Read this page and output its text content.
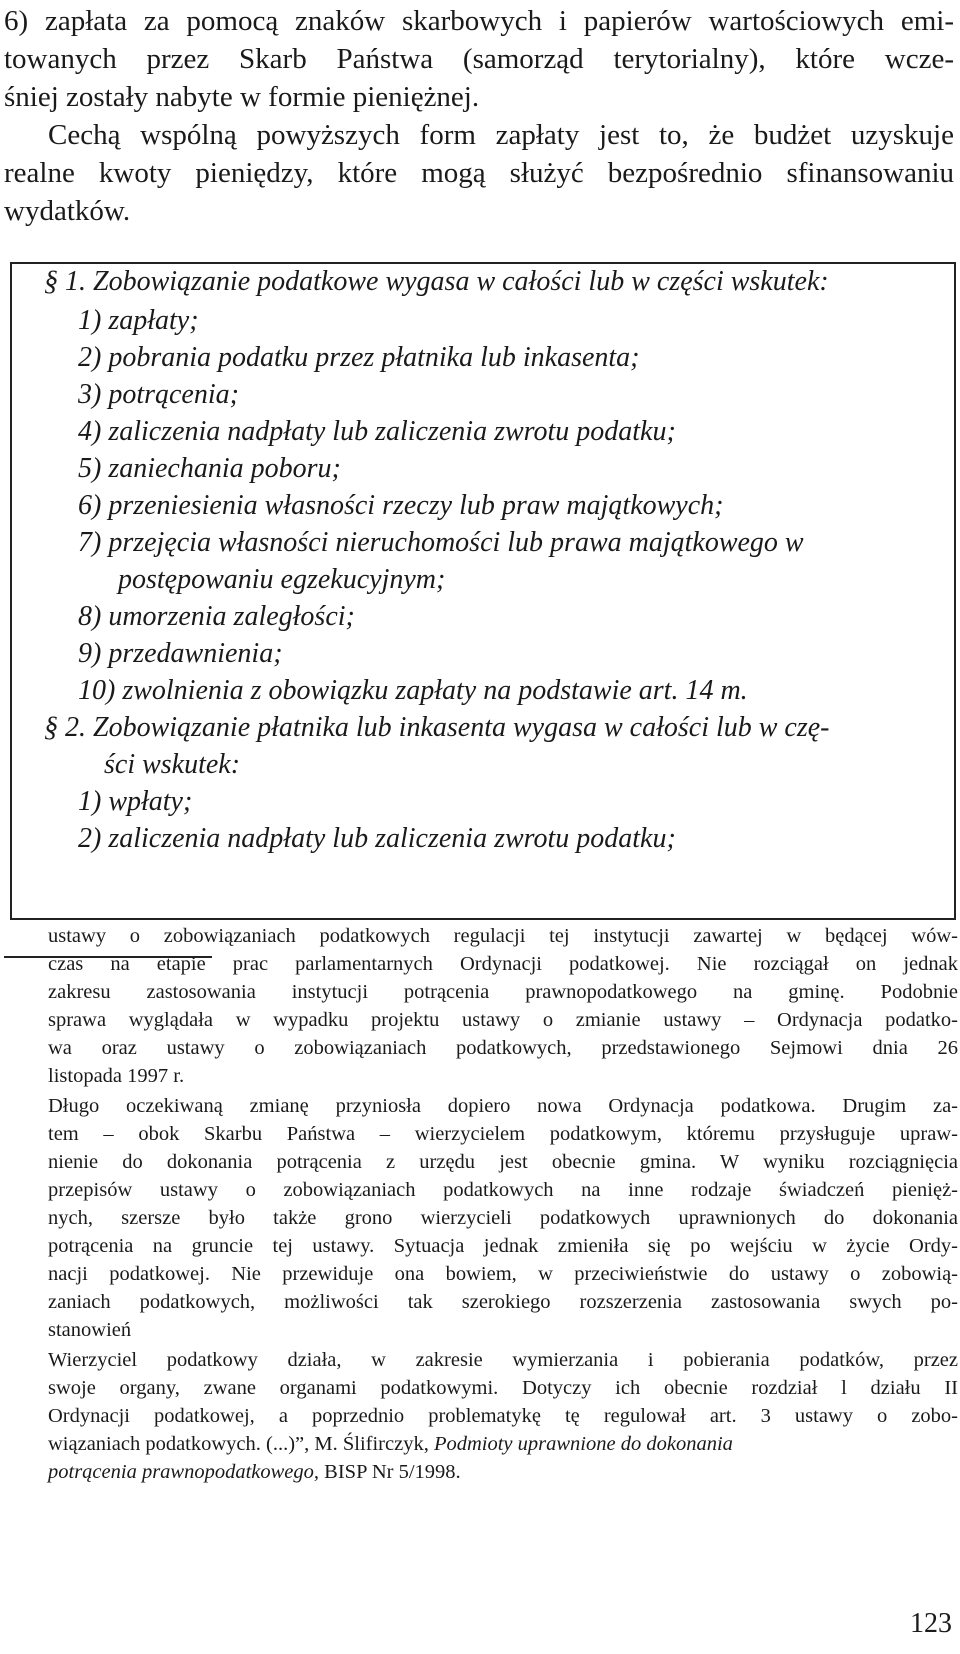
6) zapłata za pomocą znaków skarbowych i papierów wartościowych emi-
towanych przez Skarb Państwa (samorząd terytorialny), które wcze-
śniej zostały nabyte w formie pieniężnej.
Cechą wspólną powyższych form zapłaty jest to, że budżet uzyskuje
realne kwoty pieniędzy, które mogą służyć bezpośrednio sfinansowaniu
wydatków.
§ 1. Zobowiązanie podatkowe wygasa w całości lub w części wskutek:
1) zapłaty;
2) pobrania podatku przez płatnika lub inkasenta;
3) potrącenia;
4) zaliczenia nadpłaty lub zaliczenia zwrotu podatku;
5) zaniechania poboru;
6) przeniesienia własności rzeczy lub praw majątkowych;
7) przejęcia własności nieruchomości lub prawa majątkowego w
postępowaniu egzekucyjnym;
8) umorzenia zaległości;
9) przedawnienia;
10) zwolnienia z obowiązku zapłaty na podstawie art. 14 m.
§ 2. Zobowiązanie płatnika lub inkasenta wygasa w całości lub w czę-
ści wskutek:
1) wpłaty;
2) zaliczenia nadpłaty lub zaliczenia zwrotu podatku;
ustawy o zobowiązaniach podatkowych regulacji tej instytucji zawartej w będącej wów-
czas na etapie prac parlamentarnych Ordynacji podatkowej. Nie rozciągał on jednak
zakresu zastosowania instytucji potrącenia prawnopodatkowego na gminę. Podobnie
sprawa wyglądała w wypadku projektu ustawy o zmianie ustawy – Ordynacja podatko-
wa oraz ustawy o zobowiązaniach podatkowych, przedstawionego Sejmowi dnia 26
listopada 1997 r.
Długo oczekiwaną zmianę przyniosła dopiero nowa Ordynacja podatkowa. Drugim za-
tem – obok Skarbu Państwa – wierzycielem podatkowym, któremu przysługuje upraw-
nienie do dokonania potrącenia z urzędu jest obecnie gmina. W wyniku rozciągnięcia
przepisów ustawy o zobowiązaniach podatkowych na inne rodzaje świadczeń pienięż-
nych, szersze było także grono wierzycieli podatkowych uprawnionych do dokonania
potrącenia na gruncie tej ustawy. Sytuacja jednak zmieniła się po wejściu w życie Ordy-
nacji podatkowej. Nie przewiduje ona bowiem, w przeciwieństwie do ustawy o zobowią-
zaniach podatkowych, możliwości tak szerokiego rozszerzenia zastosowania swych po-
stanowień
Wierzyciel podatkowy działa, w zakresie wymierzania i pobierania podatków, przez
swoje organy, zwane organami podatkowymi. Dotyczy ich obecnie rozdział l działu II
Ordynacji podatkowej, a poprzednio problematykę tę regulował art. 3 ustawy o zobo-
wiązaniach podatkowych. (...)”, M. Ślifirczyk, Podmioty uprawnione do dokonania
potrącenia prawnopodatkowego, BISP Nr 5/1998.
123
